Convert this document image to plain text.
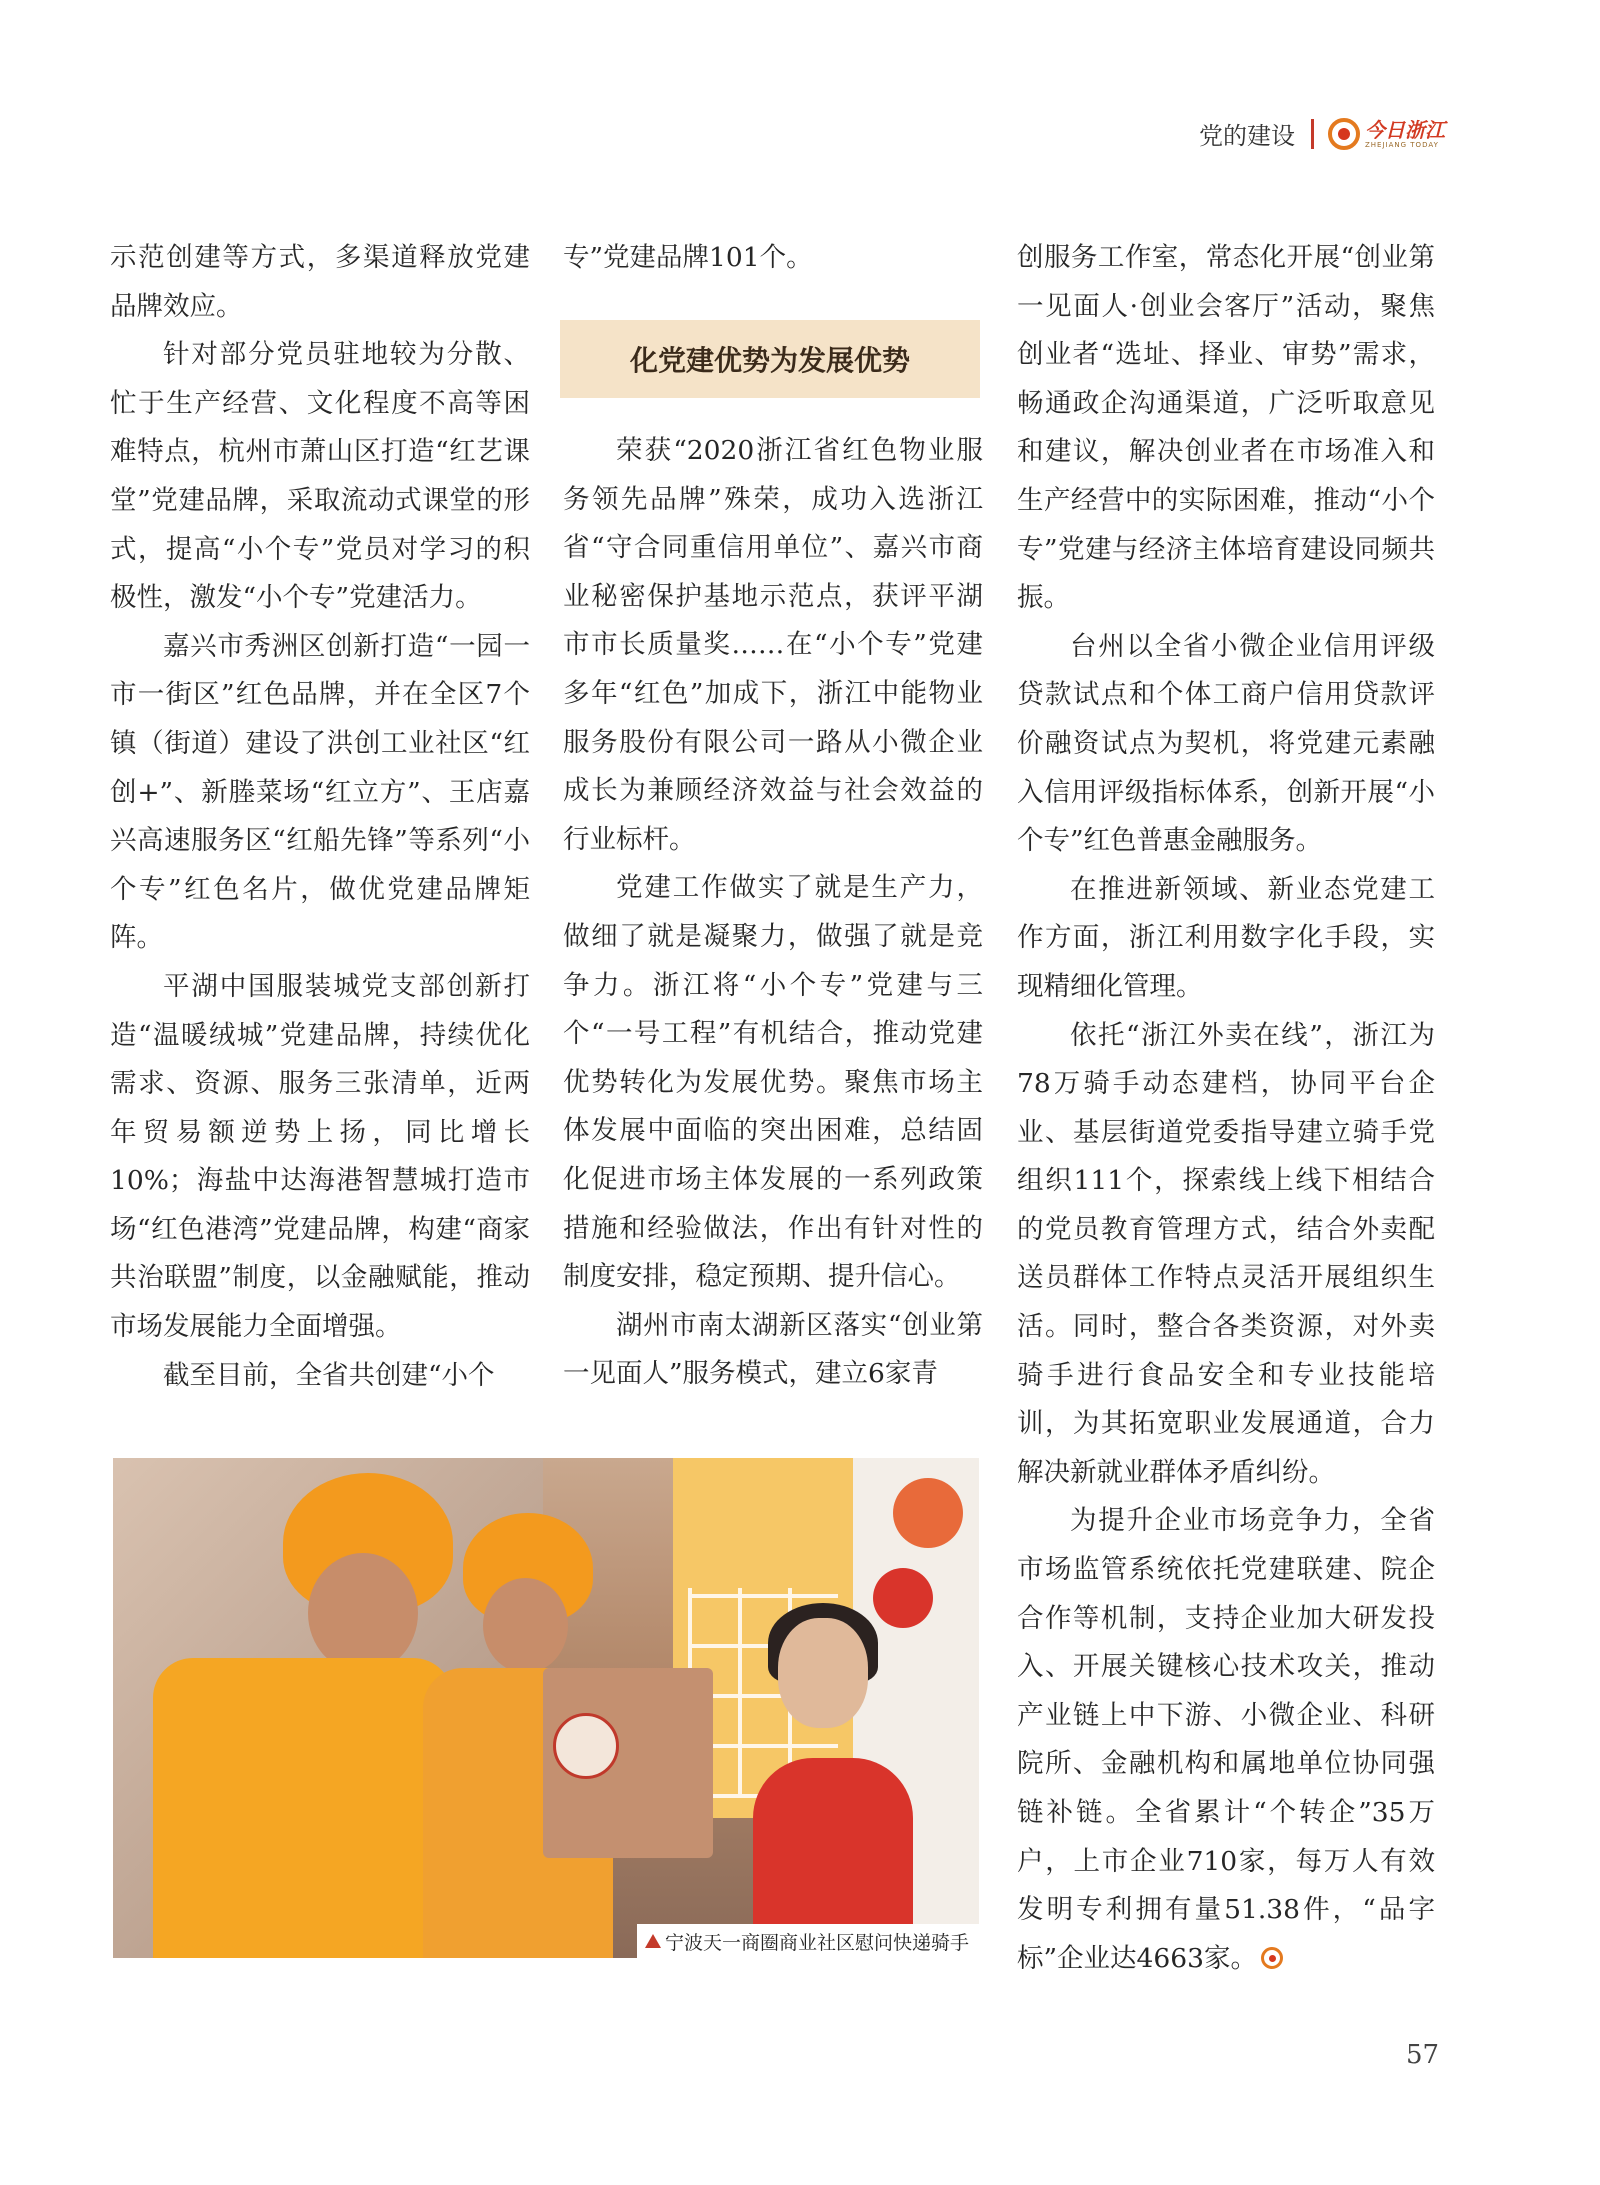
党的建设	今日浙江
ZHEJIANG TODAY

示范创建等方式，多渠道释放党建品牌效应。

针对部分党员驻地较为分散、忙于生产经营、文化程度不高等困难特点，杭州市萧山区打造“红艺课堂”党建品牌，采取流动式课堂的形式，提高“小个专”党员对学习的积极性，激发“小个专”党建活力。

嘉兴市秀洲区创新打造“一园一市一街区”红色品牌，并在全区7个镇（街道）建设了洪创工业社区“红创+”、新塍菜场“红立方”、王店嘉兴高速服务区“红船先锋”等系列“小个专”红色名片，做优党建品牌矩阵。

平湖中国服装城党支部创新打造“温暖绒城”党建品牌，持续优化需求、资源、服务三张清单，近两年贸易额逆势上扬，同比增长10%；海盐中达海港智慧城打造市场“红色港湾”党建品牌，构建“商家共治联盟”制度，以金融赋能，推动市场发展能力全面增强。

截至目前，全省共创建“小个

专”党建品牌101个。

化党建优势为发展优势

荣获“2020浙江省红色物业服务领先品牌”殊荣，成功入选浙江省“守合同重信用单位”、嘉兴市商业秘密保护基地示范点，获评平湖市市长质量奖……在“小个专”党建多年“红色”加成下，浙江中能物业服务股份有限公司一路从小微企业成长为兼顾经济效益与社会效益的行业标杆。

党建工作做实了就是生产力，做细了就是凝聚力，做强了就是竞争力。浙江将“小个专”党建与三个“一号工程”有机结合，推动党建优势转化为发展优势。聚焦市场主体发展中面临的突出困难，总结固化促进市场主体发展的一系列政策措施和经验做法，作出有针对性的制度安排，稳定预期、提升信心。

湖州市南太湖新区落实“创业第一见面人”服务模式，建立6家青

创服务工作室，常态化开展“创业第一见面人·创业会客厅”活动，聚焦创业者“选址、择业、审势”需求，畅通政企沟通渠道，广泛听取意见和建议，解决创业者在市场准入和生产经营中的实际困难，推动“小个专”党建与经济主体培育建设同频共振。

台州以全省小微企业信用评级贷款试点和个体工商户信用贷款评价融资试点为契机，将党建元素融入信用评级指标体系，创新开展“小个专”红色普惠金融服务。

在推进新领域、新业态党建工作方面，浙江利用数字化手段，实现精细化管理。

依托“浙江外卖在线”，浙江为78万骑手动态建档，协同平台企业、基层街道党委指导建立骑手党组织111个，探索线上线下相结合的党员教育管理方式，结合外卖配送员群体工作特点灵活开展组织生活。同时，整合各类资源，对外卖骑手进行食品安全和专业技能培训，为其拓宽职业发展通道，合力解决新就业群体矛盾纠纷。

为提升企业市场竞争力，全省市场监管系统依托党建联建、院企合作等机制，支持企业加大研发投入、开展关键核心技术攻关，推动产业链上中下游、小微企业、科研院所、金融机构和属地单位协同强链补链。全省累计“个转企”35万户，上市企业710家，每万人有效发明专利拥有量51.38件，“品字标”企业达4663家。

宁波天一商圈商业社区慰问快递骑手
57
